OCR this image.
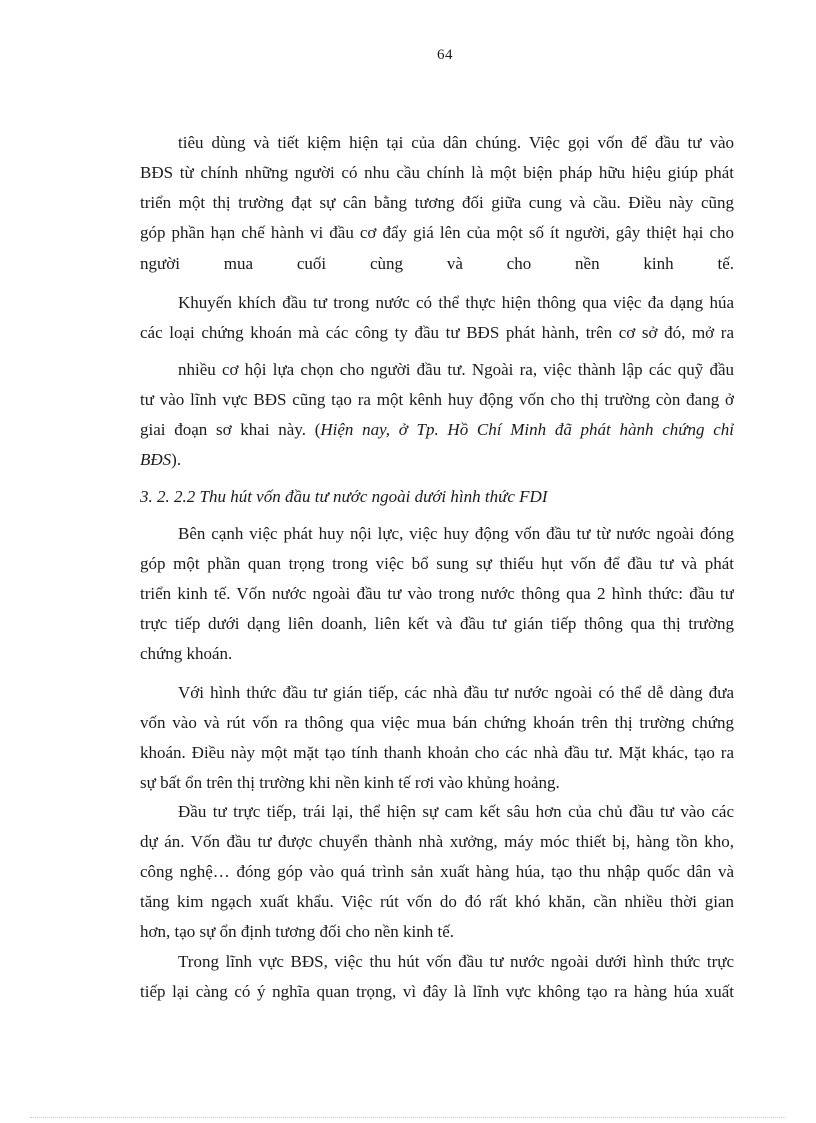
64
tiêu dùng và tiết kiệm hiện tại của dân chúng. Việc gọi vốn để đầu tư vào
BĐS từ chính những người có nhu cầu chính là một biện pháp hữu hiệu giúp phát
triển một thị trường đạt sự cân bằng tương đối giữa cung và cầu. Điều này cũng
góp phần hạn chế hành vi đầu cơ đẩy giá lên của một số ít người, gây thiệt hại cho
người mua cuối cùng và cho nền kinh tế.
Khuyến khích đầu tư trong nước có thể thực hiện thông qua việc đa dạng húa
các loại chứng khoán mà các công ty đầu tư BĐS phát hành, trên cơ sở đó, mở ra
nhiều cơ hội lựa chọn cho người đầu tư. Ngoài ra, việc thành lập các quỹ đầu
tư vào lĩnh vực BĐS cũng tạo ra một kênh huy động vốn cho thị trường còn đang ở
giai đoạn sơ khai này. (Hiện nay, ở Tp. Hồ Chí Minh đã phát hành chứng chỉ
BĐS).
3. 2. 2.2 Thu hút vốn đầu tư nước ngoài dưới hình thức FDI
Bên cạnh việc phát huy nội lực, việc huy động vốn đầu tư từ nước ngoài đóng
góp một phần quan trọng trong việc bổ sung sự thiếu hụt vốn để đầu tư và phát
triển kinh tế. Vốn nước ngoài đầu tư vào trong nước thông qua 2 hình thức: đầu tư
trực tiếp dưới dạng liên doanh, liên kết và đầu tư gián tiếp thông qua thị trường
chứng khoán.
Với hình thức đầu tư gián tiếp, các nhà đầu tư nước ngoài có thể dễ dàng đưa
vốn vào và rút vốn ra thông qua việc mua bán chứng khoán trên thị trường chứng
khoán. Điều này một mặt tạo tính thanh khoản cho các nhà đầu tư. Mặt khác, tạo ra
sự bất ổn trên thị trường khi nền kinh tế rơi vào khủng hoảng.
Đầu tư trực tiếp, trái lại, thể hiện sự cam kết sâu hơn của chủ đầu tư vào các
dự án. Vốn đầu tư được chuyển thành nhà xưởng, máy móc thiết bị, hàng tồn kho,
công nghệ… đóng góp vào quá trình sản xuất hàng húa, tạo thu nhập quốc dân và
tăng kim ngạch xuất khẩu. Việc rút vốn do đó rất khó khăn, cần nhiều thời gian
hơn, tạo sự ổn định tương đối cho nền kinh tế.
Trong lĩnh vực BĐS, việc thu hút vốn đầu tư nước ngoài dưới hình thức trực
tiếp lại càng có ý nghĩa quan trọng, vì đây là lĩnh vực không tạo ra hàng húa xuất
